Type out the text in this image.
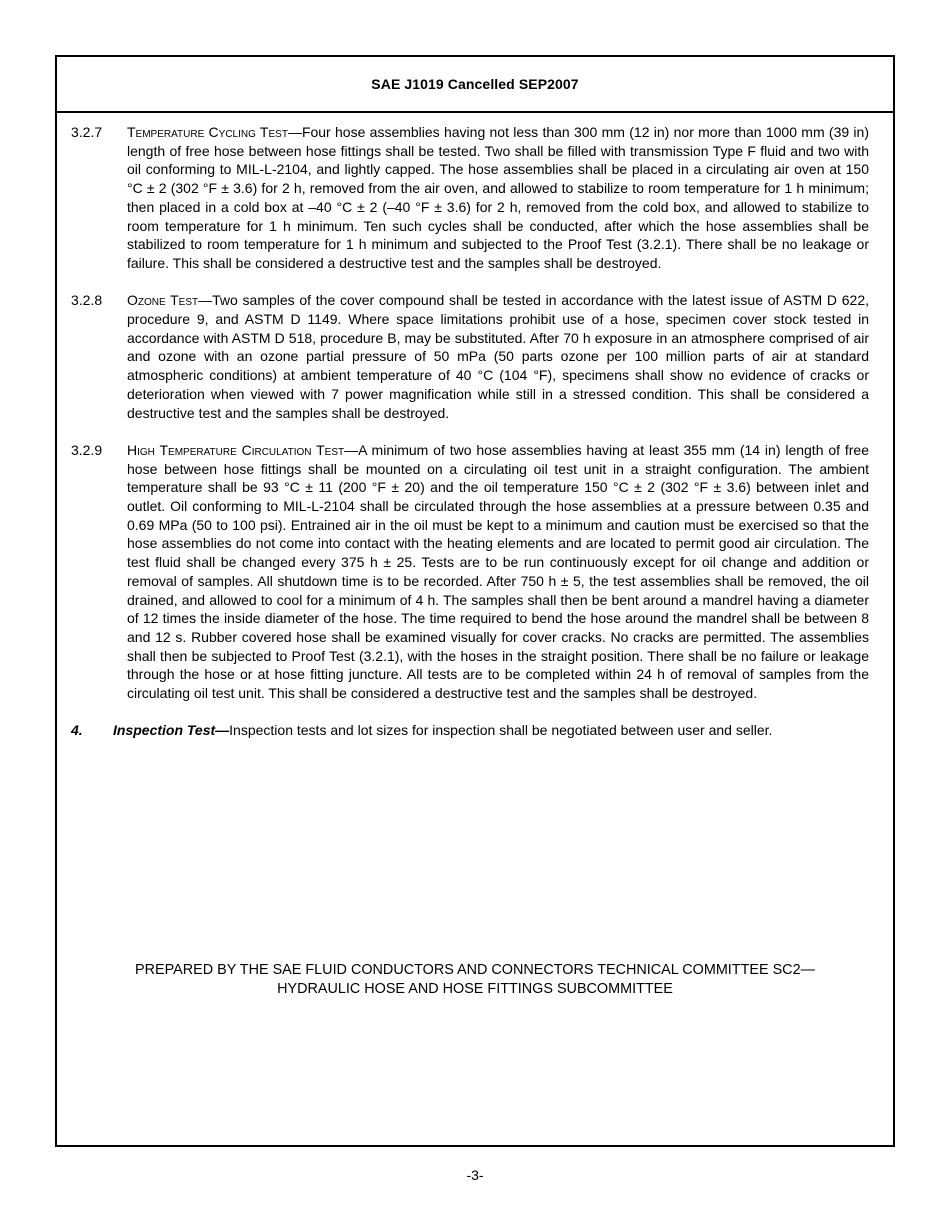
SAE J1019 Cancelled SEP2007
3.2.7	Temperature Cycling Test—Four hose assemblies having not less than 300 mm (12 in) nor more than 1000 mm (39 in) length of free hose between hose fittings shall be tested. Two shall be filled with transmission Type F fluid and two with oil conforming to MIL-L-2104, and lightly capped. The hose assemblies shall be placed in a circulating air oven at 150 °C ± 2 (302 °F ± 3.6) for 2 h, removed from the air oven, and allowed to stabilize to room temperature for 1 h minimum; then placed in a cold box at –40 °C ± 2 (–40 °F ± 3.6) for 2 h, removed from the cold box, and allowed to stabilize to room temperature for 1 h minimum. Ten such cycles shall be conducted, after which the hose assemblies shall be stabilized to room temperature for 1 h minimum and subjected to the Proof Test (3.2.1). There shall be no leakage or failure. This shall be considered a destructive test and the samples shall be destroyed.
3.2.8	Ozone Test—Two samples of the cover compound shall be tested in accordance with the latest issue of ASTM D 622, procedure 9, and ASTM D 1149. Where space limitations prohibit use of a hose, specimen cover stock tested in accordance with ASTM D 518, procedure B, may be substituted. After 70 h exposure in an atmosphere comprised of air and ozone with an ozone partial pressure of 50 mPa (50 parts ozone per 100 million parts of air at standard atmospheric conditions) at ambient temperature of 40 °C (104 °F), specimens shall show no evidence of cracks or deterioration when viewed with 7 power magnification while still in a stressed condition. This shall be considered a destructive test and the samples shall be destroyed.
3.2.9	High Temperature Circulation Test—A minimum of two hose assemblies having at least 355 mm (14 in) length of free hose between hose fittings shall be mounted on a circulating oil test unit in a straight configuration. The ambient temperature shall be 93 °C ± 11 (200 °F ± 20) and the oil temperature 150 °C ± 2 (302 °F ± 3.6) between inlet and outlet. Oil conforming to MIL-L-2104 shall be circulated through the hose assemblies at a pressure between 0.35 and 0.69 MPa (50 to 100 psi). Entrained air in the oil must be kept to a minimum and caution must be exercised so that the hose assemblies do not come into contact with the heating elements and are located to permit good air circulation. The test fluid shall be changed every 375 h ± 25. Tests are to be run continuously except for oil change and addition or removal of samples. All shutdown time is to be recorded. After 750 h ± 5, the test assemblies shall be removed, the oil drained, and allowed to cool for a minimum of 4 h. The samples shall then be bent around a mandrel having a diameter of 12 times the inside diameter of the hose. The time required to bend the hose around the mandrel shall be between 8 and 12 s. Rubber covered hose shall be examined visually for cover cracks. No cracks are permitted. The assemblies shall then be subjected to Proof Test (3.2.1), with the hoses in the straight position. There shall be no failure or leakage through the hose or at hose fitting juncture. All tests are to be completed within 24 h of removal of samples from the circulating oil test unit. This shall be considered a destructive test and the samples shall be destroyed.
4.	Inspection Test—Inspection tests and lot sizes for inspection shall be negotiated between user and seller.
PREPARED BY THE SAE FLUID CONDUCTORS AND CONNECTORS TECHNICAL COMMITTEE SC2—
HYDRAULIC HOSE AND HOSE FITTINGS SUBCOMMITTEE
-3-
